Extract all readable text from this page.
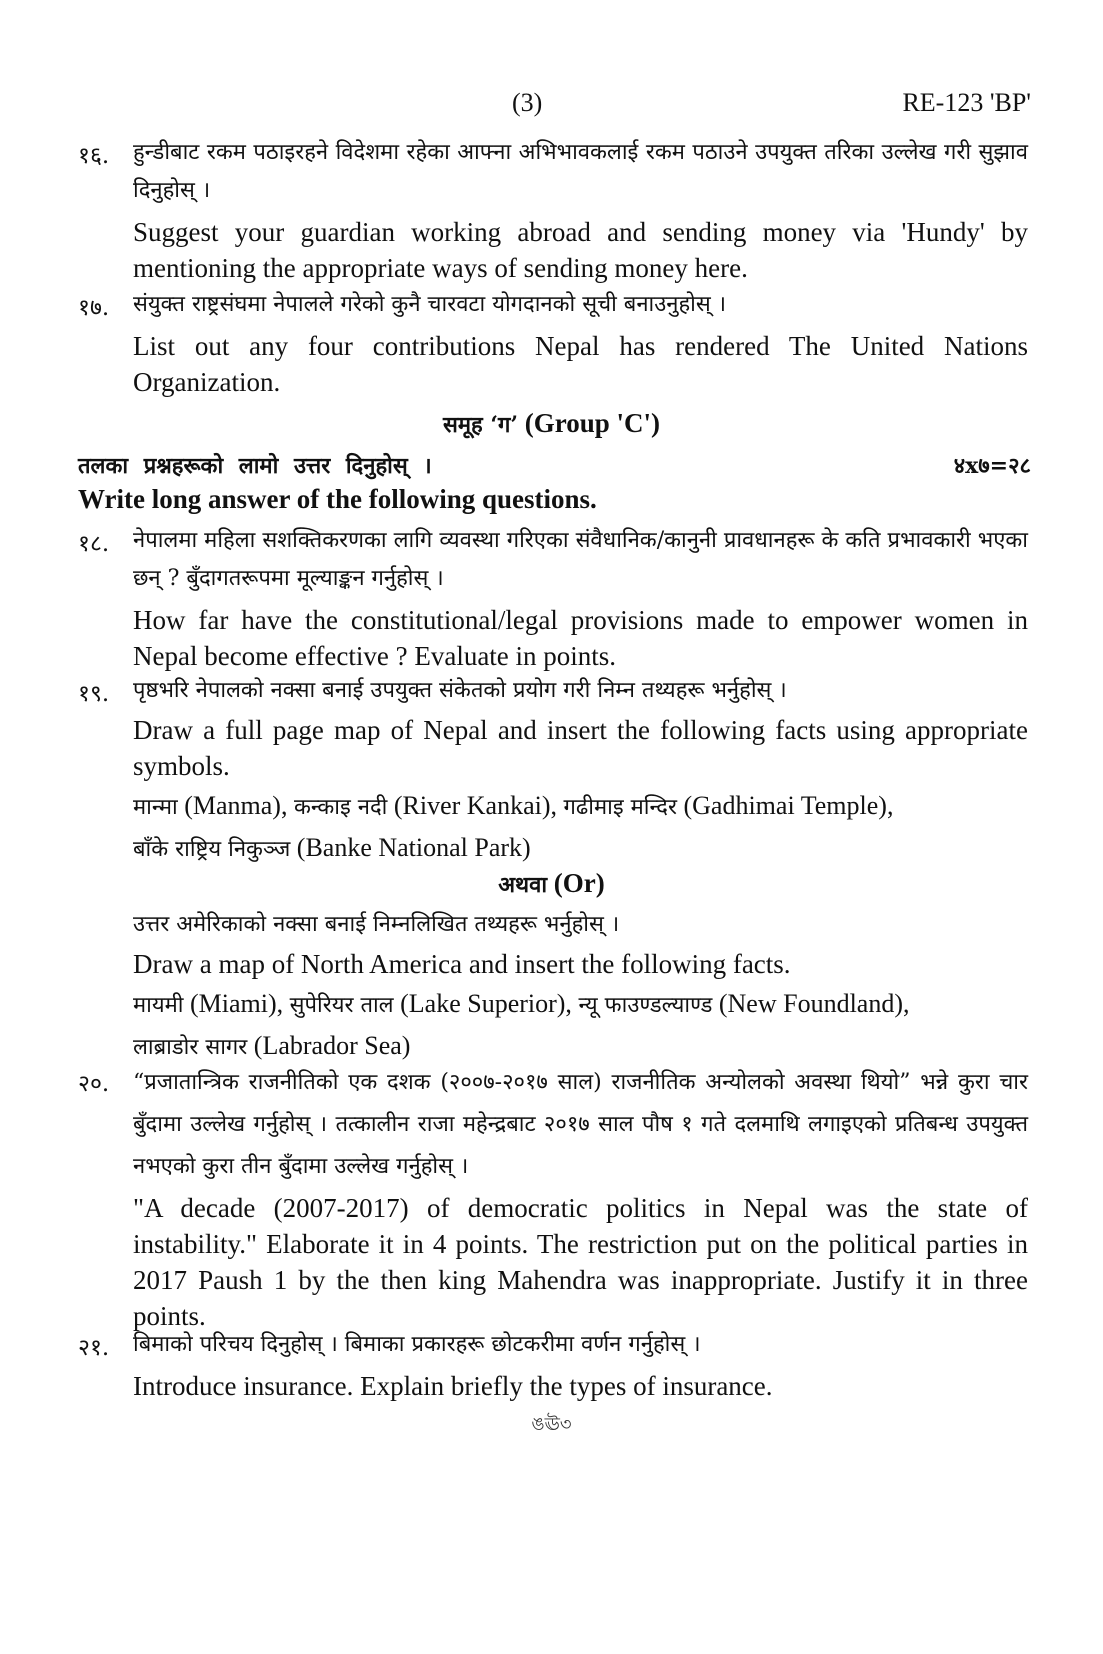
(3)	RE-123 'BP'
१६. हुन्डीबाट रकम पठाइरहने विदेशमा रहेका आफ्ना अभिभावकलाई रकम पठाउने उपयुक्त तरिका उल्लेख गरी सुझाव दिनुहोस् ।
Suggest your guardian working abroad and sending money via 'Hundy' by mentioning the appropriate ways of sending money here.
१७. संयुक्त राष्ट्रसंघमा नेपालले गरेको कुनै चारवटा योगदानको सूची बनाउनुहोस् ।
List out any four contributions Nepal has rendered The United Nations Organization.
समूह ‘ग’ (Group 'C')
तलका प्रश्नहरूको लामो उत्तर दिनुहोस् ।	४x७=२८
Write long answer of the following questions.
१८. नेपालमा महिला सशक्तिकरणका लागि व्यवस्था गरिएका संवैधानिक/कानुनी प्रावधानहरू के कति प्रभावकारी भएका छन् ? बुँदागतरूपमा मूल्याङ्कन गर्नुहोस् ।
How far have the constitutional/legal provisions made to empower women in Nepal become effective ? Evaluate in points.
१९. पृष्ठभरि नेपालको नक्सा बनाई उपयुक्त संकेतको प्रयोग गरी निम्न तथ्यहरू भर्नुहोस् ।
Draw a full page map of Nepal and insert the following facts using appropriate symbols.
मान्मा (Manma), कन्काइ नदी (River Kankai), गढीमाइ मन्दिर (Gadhimai Temple),
बाँके राष्ट्रिय निकुञ्ज (Banke National Park)
अथवा (Or)
उत्तर अमेरिकाको नक्सा बनाई निम्नलिखित तथ्यहरू भर्नुहोस् ।
Draw a map of North America and insert the following facts.
मायमी (Miami), सुपेरियर ताल (Lake Superior), न्यू फाउण्डल्याण्ड (New Foundland),
लाब्राडोर सागर (Labrador Sea)
२०. “प्रजातान्त्रिक राजनीतिको एक दशक (२००७-२०१७ साल) राजनीतिक अन्योलको अवस्था थियो” भन्ने कुरा चार बुँदामा उल्लेख गर्नुहोस् । तत्कालीन राजा महेन्द्रबाट २०१७ साल पौष १ गते दलमाथि लगाइएको प्रतिबन्ध उपयुक्त नभएको कुरा तीन बुँदामा उल्लेख गर्नुहोस् ।
"A decade (2007-2017) of democratic politics in Nepal was the state of instability." Elaborate it in 4 points. The restriction put on the political parties in 2017 Paush 1 by the then king Mahendra was inappropriate. Justify it in three points.
२१. बिमाको परिचय दिनुहोस् । बिमाका प्रकारहरू छोटकरीमा वर्णन गर्नुहोस् ।
Introduce insurance. Explain briefly the types of insurance.
ঙঊ৩
